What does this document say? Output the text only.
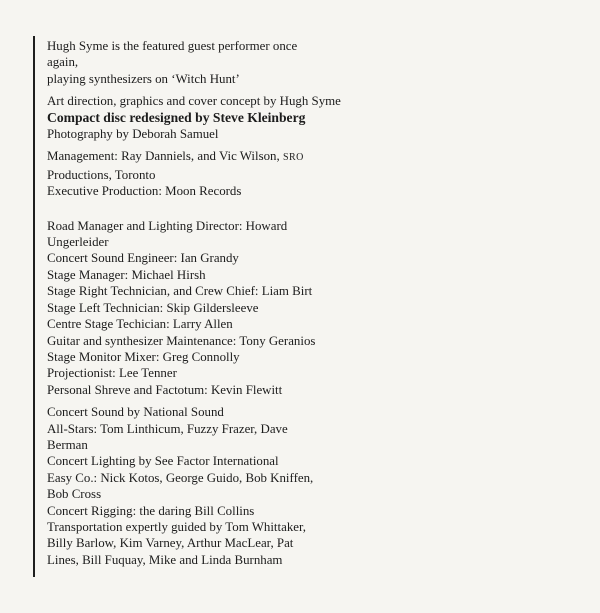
Hugh Syme is the featured guest performer once

again,

playing synthesizers on ‘Witch Hunt’

Art direction, graphics and cover concept by Hugh Syme

Compact disc redesigned by Steve Kleinberg

Photography by Deborah Samuel

Management: Ray Danniels, and Vic Wilson, SRO

Productions, Toronto

Executive Production: Moon Records

Road Manager and Lighting Director: Howard

Ungerleider

Concert Sound Engineer: Ian Grandy

Stage Manager: Michael Hirsh

Stage Right Technician, and Crew Chief: Liam Birt

Stage Left Technician: Skip Gildersleeve

Centre Stage Techician: Larry Allen

Guitar and synthesizer Maintenance: Tony Geranios

Stage Monitor Mixer: Greg Connolly

Projectionist: Lee Tenner

Personal Shreve and Factotum: Kevin Flewitt

Concert Sound by National Sound

All-Stars: Tom Linthicum, Fuzzy Frazer, Dave

Berman

Concert Lighting by See Factor International

Easy Co.: Nick Kotos, George Guido, Bob Kniffen,

Bob Cross

Concert Rigging: the daring Bill Collins

Transportation expertly guided by Tom Whittaker,

Billy Barlow, Kim Varney, Arthur MacLear, Pat

Lines, Bill Fuquay, Mike and Linda Burnham
